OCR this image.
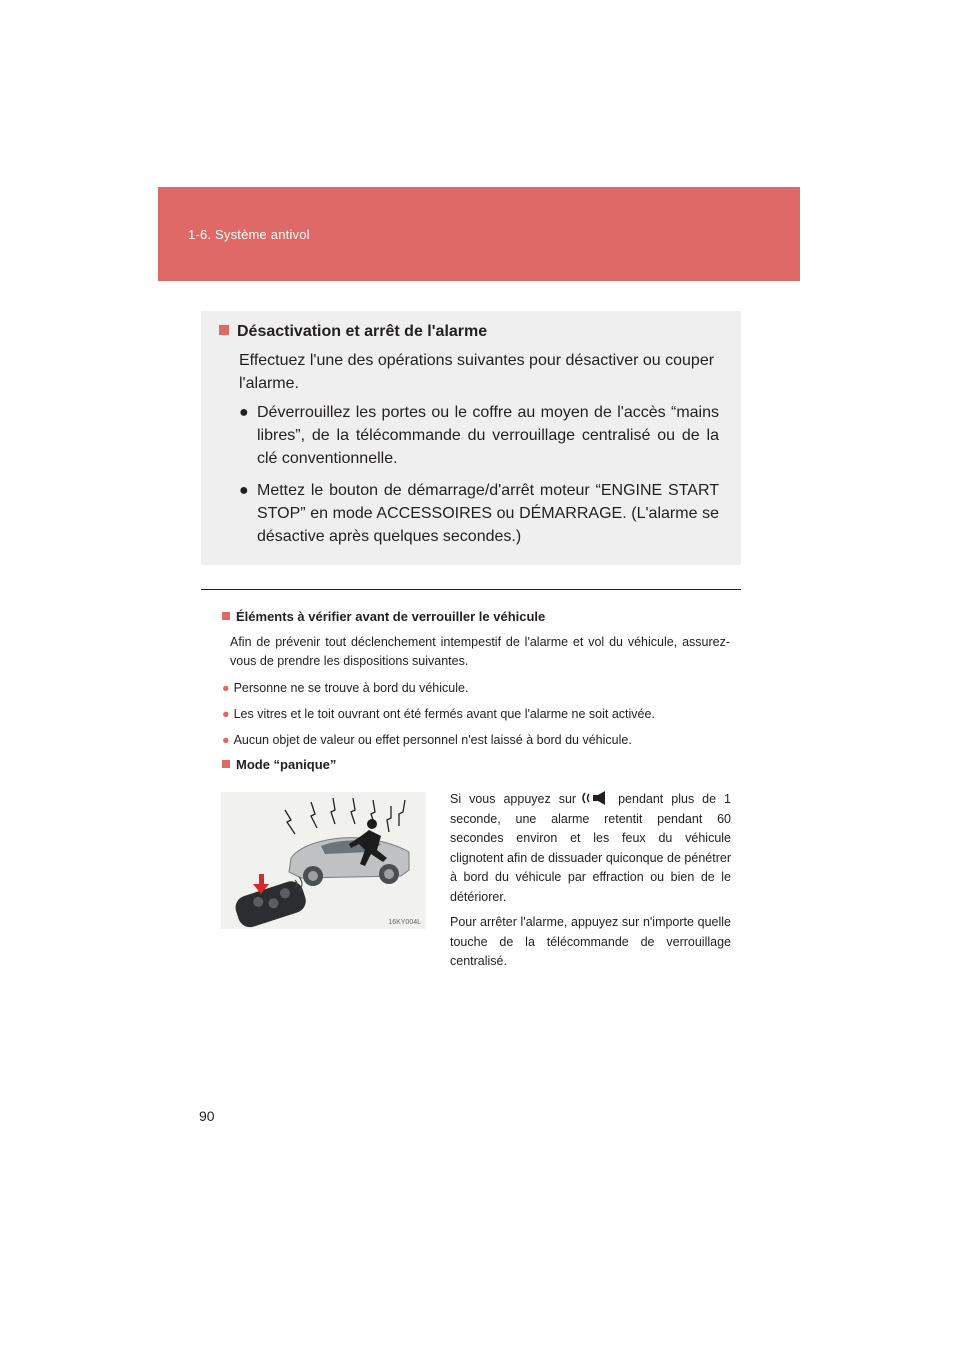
1-6. Système antivol
Désactivation et arrêt de l'alarme
Effectuez l'une des opérations suivantes pour désactiver ou couper l'alarme.
● Déverrouillez les portes ou le coffre au moyen de l'accès “mains libres”, de la télécommande du verrouillage centralisé ou de la clé conventionnelle.
● Mettez le bouton de démarrage/d'arrêt moteur “ENGINE START STOP” en mode ACCESSOIRES ou DÉMARRAGE. (L'alarme se désactive après quelques secondes.)
Éléments à vérifier avant de verrouiller le véhicule
Afin de prévenir tout déclenchement intempestif de l'alarme et vol du véhicule, assurez-vous de prendre les dispositions suivantes.
● Personne ne se trouve à bord du véhicule.
● Les vitres et le toit ouvrant ont été fermés avant que l'alarme ne soit activée.
● Aucun objet de valeur ou effet personnel n'est laissé à bord du véhicule.
Mode “panique”
16KY004L

Si vous appuyez sur	pendant plus de 1 seconde, une alarme retentit pendant 60 secondes environ et les feux du véhicule clignotent afin de dissuader quiconque de pénétrer à bord du véhicule par effraction ou bien de le détériorer.

Pour arrêter l'alarme, appuyez sur n'importe quelle touche de la télécommande de verrouillage centralisé.

90
